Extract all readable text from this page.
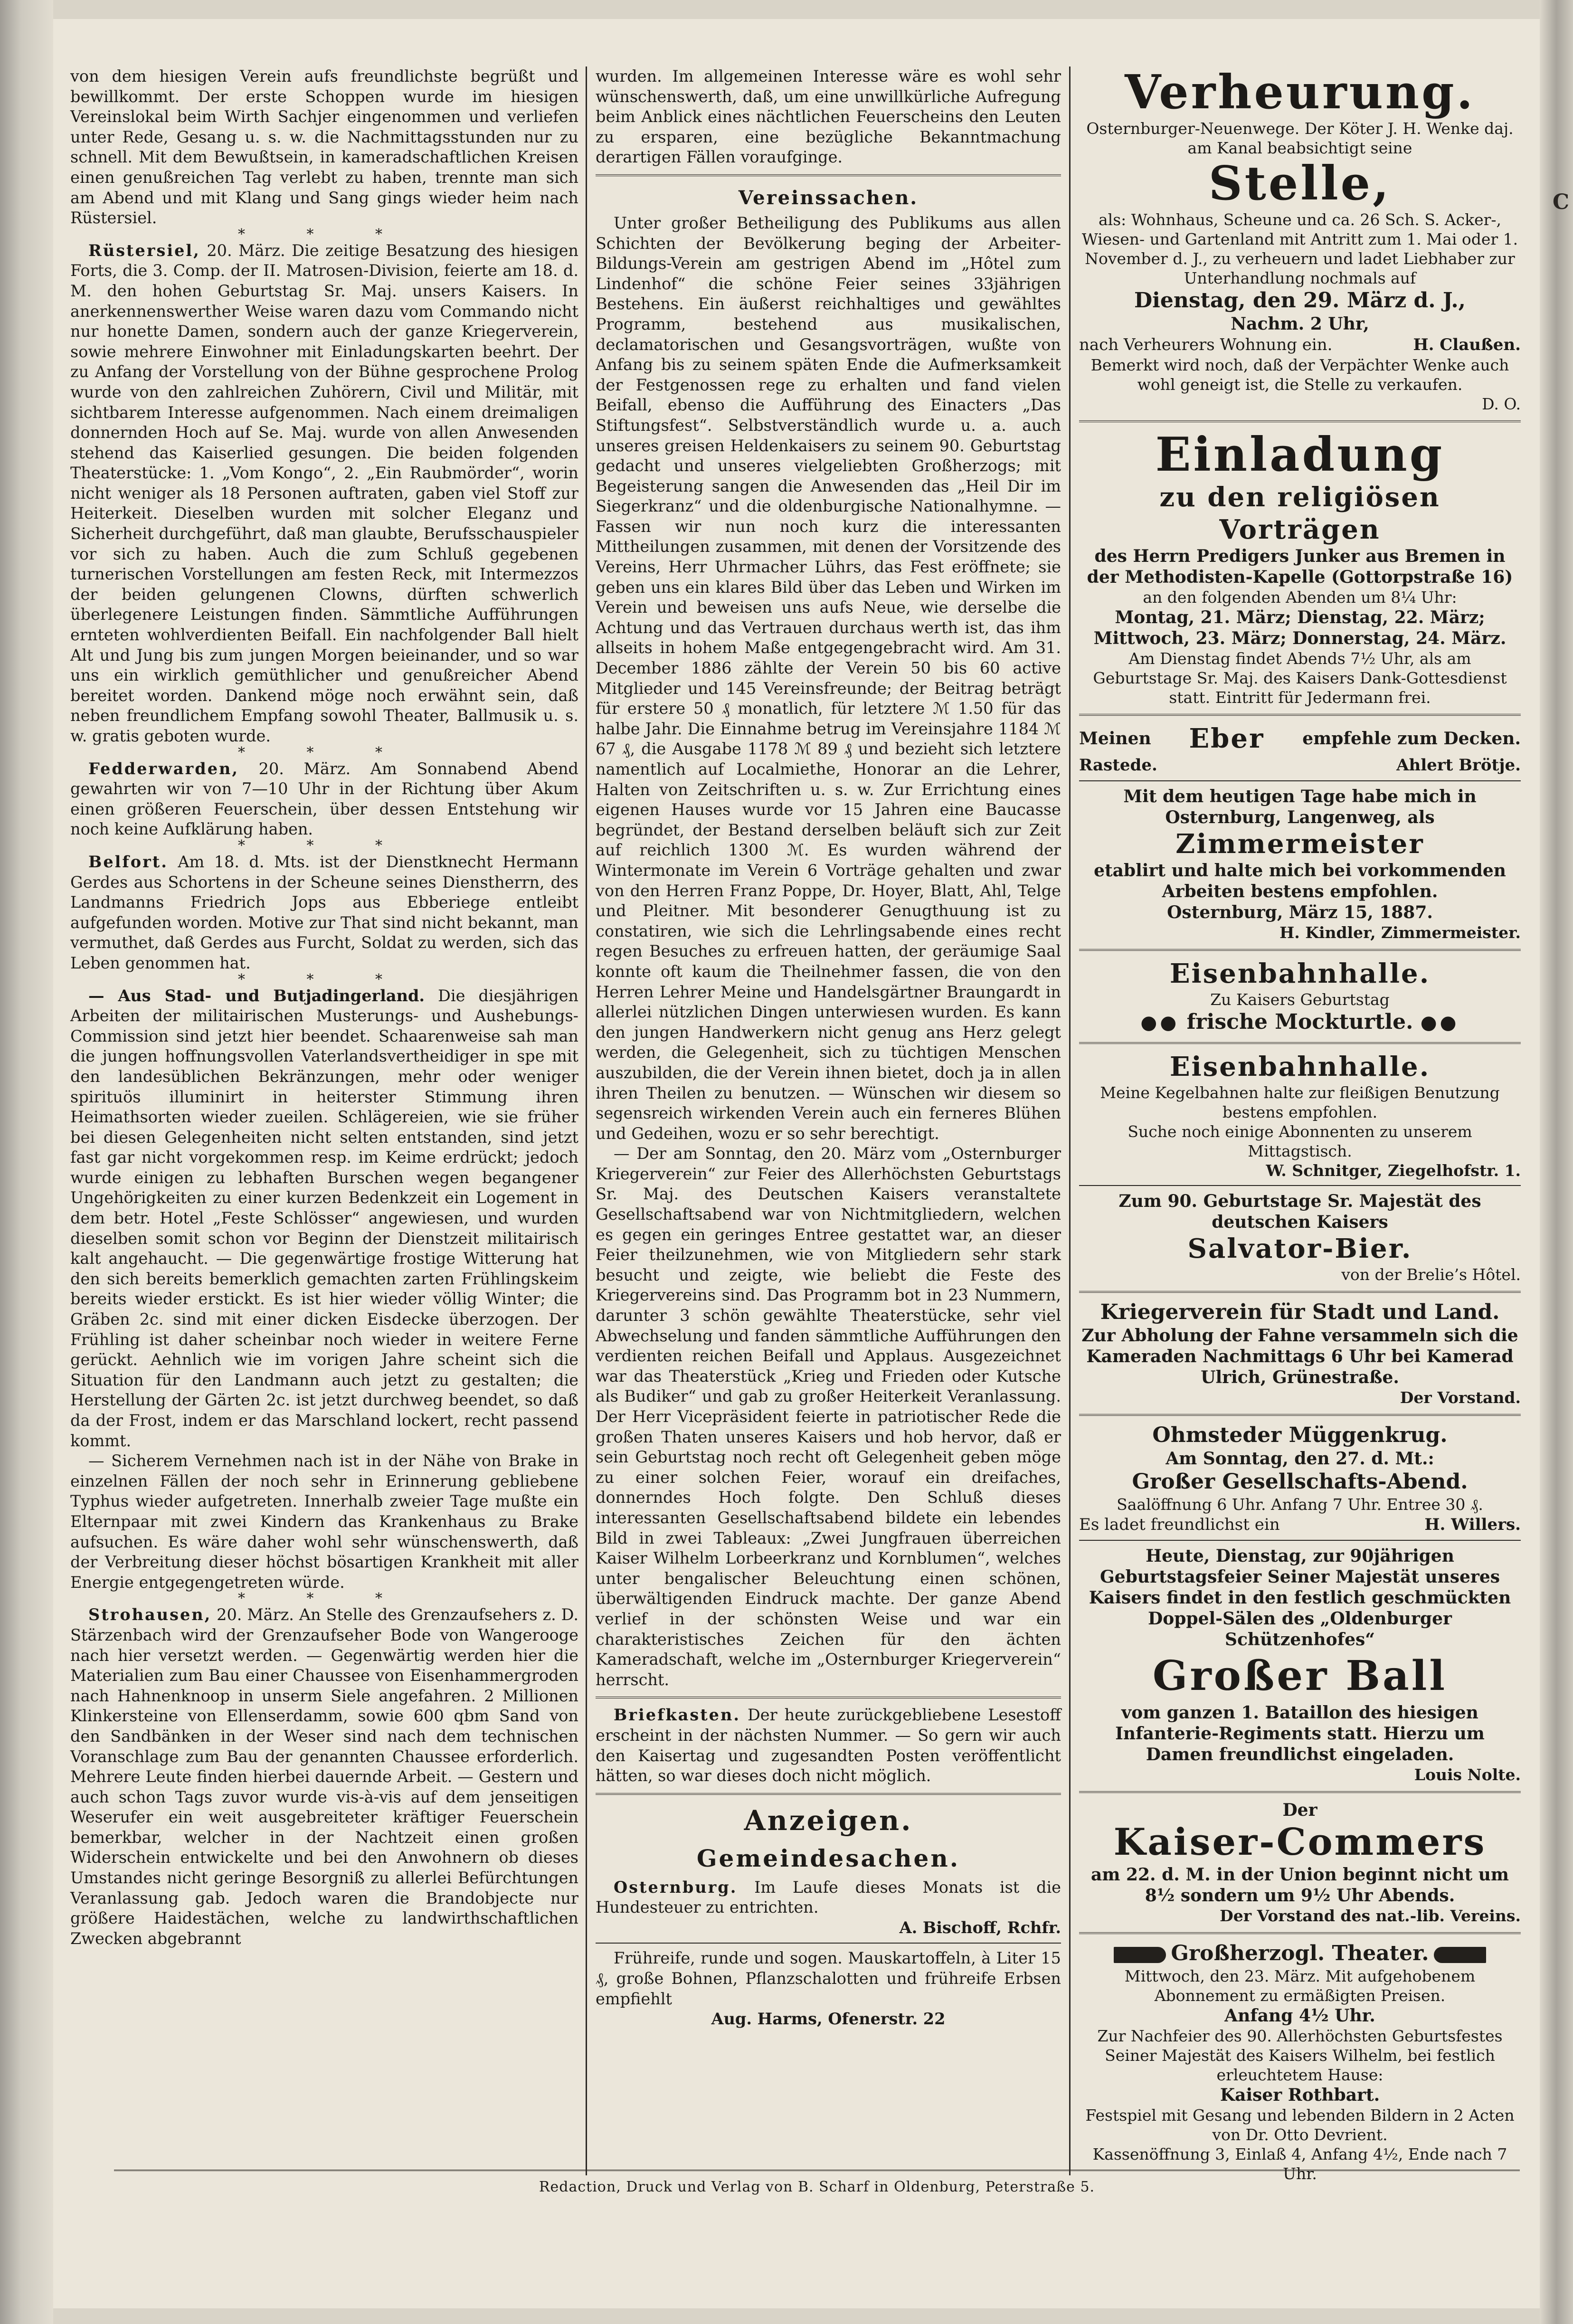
C

von dem hiesigen Verein aufs freundlichste begrüßt und bewillkommt. Der erste Schoppen wurde im hiesigen Vereinslokal beim Wirth Sachjer eingenommen und verliefen unter Rede, Gesang u. s. w. die Nachmittagsstunden nur zu schnell. Mit dem Bewußtsein, in kameradschaftlichen Kreisen einen genußreichen Tag verlebt zu haben, trennte man sich am Abend und mit Klang und Sang gings wieder heim nach Rüstersiel.

* * *

Rüstersiel, 20. März. Die zeitige Besatzung des hiesigen Forts, die 3. Comp. der II. Matrosen-Division, feierte am 18. d. M. den hohen Geburtstag Sr. Maj. unsers Kaisers. In anerkennenswerther Weise waren dazu vom Commando nicht nur honette Damen, sondern auch der ganze Kriegerverein, sowie mehrere Einwohner mit Einladungskarten beehrt. Der zu Anfang der Vorstellung von der Bühne gesprochene Prolog wurde von den zahlreichen Zuhörern, Civil und Militär, mit sichtbarem Interesse aufgenommen. Nach einem dreimaligen donnernden Hoch auf Se. Maj. wurde von allen Anwesenden stehend das Kaiserlied gesungen. Die beiden folgenden Theaterstücke: 1. „Vom Kongo“, 2. „Ein Raubmörder“, worin nicht weniger als 18 Personen auftraten, gaben viel Stoff zur Heiterkeit. Dieselben wurden mit solcher Eleganz und Sicherheit durchgeführt, daß man glaubte, Berufsschauspieler vor sich zu haben. Auch die zum Schluß gegebenen turnerischen Vorstellungen am festen Reck, mit Intermezzos der beiden gelungenen Clowns, dürften schwerlich überlegenere Leistungen finden. Sämmtliche Aufführungen ernteten wohlverdienten Beifall. Ein nachfolgender Ball hielt Alt und Jung bis zum jungen Morgen beieinander, und so war uns ein wirklich gemüthlicher und genußreicher Abend bereitet worden. Dankend möge noch erwähnt sein, daß neben freundlichem Empfang sowohl Theater, Ballmusik u. s. w. gratis geboten wurde.

* * *

Fedderwarden, 20. März. Am Sonnabend Abend gewahrten wir von 7—10 Uhr in der Richtung über Akum einen größeren Feuerschein, über dessen Entstehung wir noch keine Aufklärung haben.

* * *

Belfort. Am 18. d. Mts. ist der Dienstknecht Hermann Gerdes aus Schortens in der Scheune seines Dienstherrn, des Landmanns Friedrich Jops aus Ebberiege entleibt aufgefunden worden. Motive zur That sind nicht bekannt, man vermuthet, daß Gerdes aus Furcht, Soldat zu werden, sich das Leben genommen hat.

* * *

— Aus Stad- und Butjadingerland. Die diesjährigen Arbeiten der militairischen Musterungs- und Aushebungs-Commission sind jetzt hier beendet. Schaarenweise sah man die jungen hoffnungsvollen Vaterlandsvertheidiger in spe mit den landesüblichen Bekränzungen, mehr oder weniger spirituös illuminirt in heiterster Stimmung ihren Heimathsorten wieder zueilen. Schlägereien, wie sie früher bei diesen Gelegenheiten nicht selten entstanden, sind jetzt fast gar nicht vorgekommen resp. im Keime erdrückt; jedoch wurde einigen zu lebhaften Burschen wegen begangener Ungehörigkeiten zu einer kurzen Bedenkzeit ein Logement in dem betr. Hotel „Feste Schlösser“ angewiesen, und wurden dieselben somit schon vor Beginn der Dienstzeit militairisch kalt angehaucht. — Die gegenwärtige frostige Witterung hat den sich bereits bemerklich gemachten zarten Frühlingskeim bereits wieder erstickt. Es ist hier wieder völlig Winter; die Gräben 2c. sind mit einer dicken Eisdecke überzogen. Der Frühling ist daher scheinbar noch wieder in weitere Ferne gerückt. Aehnlich wie im vorigen Jahre scheint sich die Situation für den Landmann auch jetzt zu gestalten; die Herstellung der Gärten 2c. ist jetzt durchweg beendet, so daß da der Frost, indem er das Marschland lockert, recht passend kommt.

— Sicherem Vernehmen nach ist in der Nähe von Brake in einzelnen Fällen der noch sehr in Erinnerung gebliebene Typhus wieder aufgetreten. Innerhalb zweier Tage mußte ein Elternpaar mit zwei Kindern das Krankenhaus zu Brake aufsuchen. Es wäre daher wohl sehr wünschenswerth, daß der Verbreitung dieser höchst bösartigen Krankheit mit aller Energie entgegengetreten würde.

* * *

Strohausen, 20. März. An Stelle des Grenzaufsehers z. D. Stärzenbach wird der Grenzaufseher Bode von Wangerooge nach hier versetzt werden. — Gegenwärtig werden hier die Materialien zum Bau einer Chaussee von Eisenhammergroden nach Hahnenknoop in unserm Siele angefahren. 2 Millionen Klinkersteine von Ellenserdamm, sowie 600 qbm Sand von den Sandbänken in der Weser sind nach dem technischen Voranschlage zum Bau der genannten Chaussee erforderlich. Mehrere Leute finden hierbei dauernde Arbeit. — Gestern und auch schon Tags zuvor wurde vis-à-vis auf dem jenseitigen Weserufer ein weit ausgebreiteter kräftiger Feuerschein bemerkbar, welcher in der Nachtzeit einen großen Widerschein entwickelte und bei den Anwohnern ob dieses Umstandes nicht geringe Besorgniß zu allerlei Befürchtungen Veranlassung gab. Jedoch waren die Brandobjecte nur größere Haidestächen, welche zu landwirthschaftlichen Zwecken abgebrannt

wurden. Im allgemeinen Interesse wäre es wohl sehr wünschenswerth, daß, um eine unwillkürliche Aufregung beim Anblick eines nächtlichen Feuerscheins den Leuten zu ersparen, eine bezügliche Bekanntmachung derartigen Fällen voraufginge.

Vereinssachen.

Unter großer Betheiligung des Publikums aus allen Schichten der Bevölkerung beging der Arbeiter-Bildungs-Verein am gestrigen Abend im „Hôtel zum Lindenhof“ die schöne Feier seines 33jährigen Bestehens. Ein äußerst reichhaltiges und gewähltes Programm, bestehend aus musikalischen, declamatorischen und Gesangsvorträgen, wußte von Anfang bis zu seinem späten Ende die Aufmerksamkeit der Festgenossen rege zu erhalten und fand vielen Beifall, ebenso die Aufführung des Einacters „Das Stiftungsfest“. Selbstverständlich wurde u. a. auch unseres greisen Heldenkaisers zu seinem 90. Geburtstag gedacht und unseres vielgeliebten Großherzogs; mit Begeisterung sangen die Anwesenden das „Heil Dir im Siegerkranz“ und die oldenburgische Nationalhymne. — Fassen wir nun noch kurz die interessanten Mittheilungen zusammen, mit denen der Vorsitzende des Vereins, Herr Uhrmacher Lührs, das Fest eröffnete; sie geben uns ein klares Bild über das Leben und Wirken im Verein und beweisen uns aufs Neue, wie derselbe die Achtung und das Vertrauen durchaus werth ist, das ihm allseits in hohem Maße entgegengebracht wird. Am 31. December 1886 zählte der Verein 50 bis 60 active Mitglieder und 145 Vereinsfreunde; der Beitrag beträgt für erstere 50 ₰ monatlich, für letztere ℳ 1.50 für das halbe Jahr. Die Einnahme betrug im Vereinsjahre 1184 ℳ 67 ₰, die Ausgabe 1178 ℳ 89 ₰ und bezieht sich letztere namentlich auf Localmiethe, Honorar an die Lehrer, Halten von Zeitschriften u. s. w. Zur Errichtung eines eigenen Hauses wurde vor 15 Jahren eine Baucasse begründet, der Bestand derselben beläuft sich zur Zeit auf reichlich 1300 ℳ. Es wurden während der Wintermonate im Verein 6 Vorträge gehalten und zwar von den Herren Franz Poppe, Dr. Hoyer, Blatt, Ahl, Telge und Pleitner. Mit besonderer Genugthuung ist zu constatiren, wie sich die Lehrlingsabende eines recht regen Besuches zu erfreuen hatten, der geräumige Saal konnte oft kaum die Theilnehmer fassen, die von den Herren Lehrer Meine und Handelsgärtner Braungardt in allerlei nützlichen Dingen unterwiesen wurden. Es kann den jungen Handwerkern nicht genug ans Herz gelegt werden, die Gelegenheit, sich zu tüchtigen Menschen auszubilden, die der Verein ihnen bietet, doch ja in allen ihren Theilen zu benutzen. — Wünschen wir diesem so segensreich wirkenden Verein auch ein ferneres Blühen und Gedeihen, wozu er so sehr berechtigt.

— Der am Sonntag, den 20. März vom „Osternburger Kriegerverein“ zur Feier des Allerhöchsten Geburtstags Sr. Maj. des Deutschen Kaisers veranstaltete Gesellschaftsabend war von Nichtmitgliedern, welchen es gegen ein geringes Entree gestattet war, an dieser Feier theilzunehmen, wie von Mitgliedern sehr stark besucht und zeigte, wie beliebt die Feste des Kriegervereins sind. Das Programm bot in 23 Nummern, darunter 3 schön gewählte Theaterstücke, sehr viel Abwechselung und fanden sämmtliche Aufführungen den verdienten reichen Beifall und Applaus. Ausgezeichnet war das Theaterstück „Krieg und Frieden oder Kutsche als Budiker“ und gab zu großer Heiterkeit Veranlassung. Der Herr Vicepräsident feierte in patriotischer Rede die großen Thaten unseres Kaisers und hob hervor, daß er sein Geburtstag noch recht oft Gelegenheit geben möge zu einer solchen Feier, worauf ein dreifaches, donnerndes Hoch folgte. Den Schluß dieses interessanten Gesellschaftsabend bildete ein lebendes Bild in zwei Tableaux: „Zwei Jungfrauen überreichen Kaiser Wilhelm Lorbeerkranz und Kornblumen“, welches unter bengalischer Beleuchtung einen schönen, überwältigenden Eindruck machte. Der ganze Abend verlief in der schönsten Weise und war ein charakteristisches Zeichen für den ächten Kameradschaft, welche im „Osternburger Kriegerverein“ herrscht.

Briefkasten. Der heute zurückgebliebene Lesestoff erscheint in der nächsten Nummer. — So gern wir auch den Kaisertag und zugesandten Posten veröffentlicht hätten, so war dieses doch nicht möglich.

Anzeigen.
Gemeindesachen.

Osternburg. Im Laufe dieses Monats ist die Hundesteuer zu entrichten.

A. Bischoff, Rchfr.

Frühreife, runde und sogen. Mauskartoffeln, à Liter 15 ₰, große Bohnen, Pflanzschalotten und frühreife Erbsen empfiehlt

Aug. Harms, Ofenerstr. 22
Verheurung.
Osternburger-Neuenwege. Der Köter J. H. Wenke daj. am Kanal beabsichtigt seine
Stelle,
als: Wohnhaus, Scheune und ca. 26 Sch. S. Acker-, Wiesen- und Gartenland mit Antritt zum 1. Mai oder 1. November d. J., zu verheuern und ladet Liebhaber zur Unterhandlung nochmals auf
Dienstag, den 29. März d. J.,
Nachm. 2 Uhr,
nach Verheurers Wohnung ein.	H. Claußen.
Bemerkt wird noch, daß der Verpächter Wenke auch wohl geneigt ist, die Stelle zu verkaufen.
D. O.
Einladung
zu den religiösen Vorträgen
des Herrn Predigers Junker aus Bremen in der Methodisten-Kapelle (Gottorpstraße 16)
an den folgenden Abenden um 8¼ Uhr:
Montag, 21. März; Dienstag, 22. März; Mittwoch, 23. März; Donnerstag, 24. März.
Am Dienstag findet Abends 7½ Uhr, als am Geburtstage Sr. Maj. des Kaisers Dank-Gottesdienst statt. Eintritt für Jedermann frei.
Meinen Eber empfehle zum Decken.
Rastede.	Ahlert Brötje.
Mit dem heutigen Tage habe mich in Osternburg, Langenweg, als
Zimmermeister
etablirt und halte mich bei vorkommenden Arbeiten bestens empfohlen.
Osternburg, März 15, 1887.
H. Kindler, Zimmermeister.
Eisenbahnhalle.
Zu Kaisers Geburtstag
●● frische Mockturtle. ●●
Eisenbahnhalle.
Meine Kegelbahnen halte zur fleißigen Benutzung bestens empfohlen.
Suche noch einige Abonnenten zu unserem Mittagstisch.
W. Schnitger, Ziegelhofstr. 1.
Zum 90. Geburtstage Sr. Majestät des deutschen Kaisers
Salvator-Bier.
von der Brelie’s Hôtel.
Kriegerverein für Stadt und Land.
Zur Abholung der Fahne versammeln sich die Kameraden Nachmittags 6 Uhr bei Kamerad Ulrich, Grünestraße.
Der Vorstand.
Ohmsteder Müggenkrug.
Am Sonntag, den 27. d. Mt.:
Großer Gesellschafts-Abend.
Saalöffnung 6 Uhr. Anfang 7 Uhr. Entree 30 ₰.
Es ladet freundlichst ein	H. Willers.
Heute, Dienstag, zur 90jährigen Geburtstagsfeier Seiner Majestät unseres Kaisers findet in den festlich geschmückten
Doppel-Sälen des „Oldenburger Schützenhofes“
Großer Ball
vom ganzen 1. Bataillon des hiesigen Infanterie-Regiments statt. Hierzu um Damen freundlichst eingeladen.
Louis Nolte.
Der
Kaiser-Commers
am 22. d. M. in der Union beginnt nicht um 8½ sondern um 9½ Uhr Abends.
Der Vorstand des nat.-lib. Vereins.
Großherzogl. Theater.
Mittwoch, den 23. März. Mit aufgehobenem Abonnement zu ermäßigten Preisen.
Anfang 4½ Uhr.
Zur Nachfeier des 90. Allerhöchsten Geburtsfestes Seiner Majestät des Kaisers Wilhelm, bei festlich erleuchtetem Hause:
Kaiser Rothbart.
Festspiel mit Gesang und lebenden Bildern in 2 Acten von Dr. Otto Devrient.
Kassenöffnung 3, Einlaß 4, Anfang 4½, Ende nach 7 Uhr.
Redaction, Druck und Verlag von B. Scharf in Oldenburg, Peterstraße 5.
